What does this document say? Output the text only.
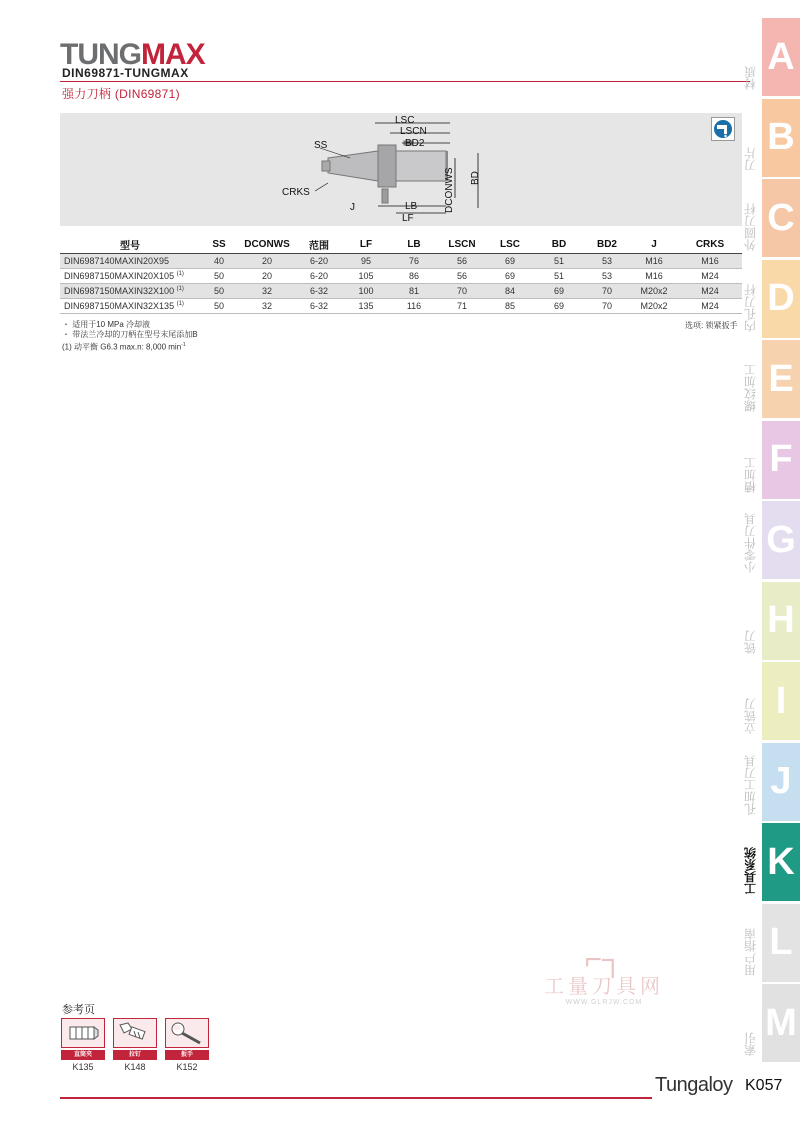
TUNGMAX
DIN69871-TUNGMAX
强力刀柄 (DIN69871)
LSC
LSCN
BD2
SS
CRKS
J	LB
LF
DCONWS BD
型号	SS	DCONWS	范围	LF	LB	LSCN	LSC	BD	BD2	J	CRKS
DIN6987140MAXIN20X95	40	20	6-20	95	76	56	69	51	53	M16	M16
DIN6987150MAXIN20X105 $^{(1)}$	50	20	6-20	105	86	56	69	51	53	M16	M24
DIN6987150MAXIN32X100 $^{(1)}$	50	32	6-32	100	81	70	84	69	70	M20x2	M24
DIN6987150MAXIN32X135 $^{(1)}$	50	32	6-32	135	116	71	85	69	70	M20x2	M24
・ 适用于10 MPa 冷却液
・ 带法兰冷却的刀柄在型号末尾添加B
(1) 动平衡 G6.3 max.n: 8,000 $\min^{-1}$
选项: 锁紧扳手
材质
A
刀片
B
外圆刀杆 C
内孔刀杆 D
螺纹加工 E
槽加工 F
小零件刀具 G
铣刀
H
立铣刀 I
孔加工刀具 J
工具系统 K
用户指南 L
索引
M
⌐┐
工量刀具网
WWW.GLRJW.COM
参考页
直筒夹
K135
拉钉
K148
扳手
K152
Tungaloy K057
